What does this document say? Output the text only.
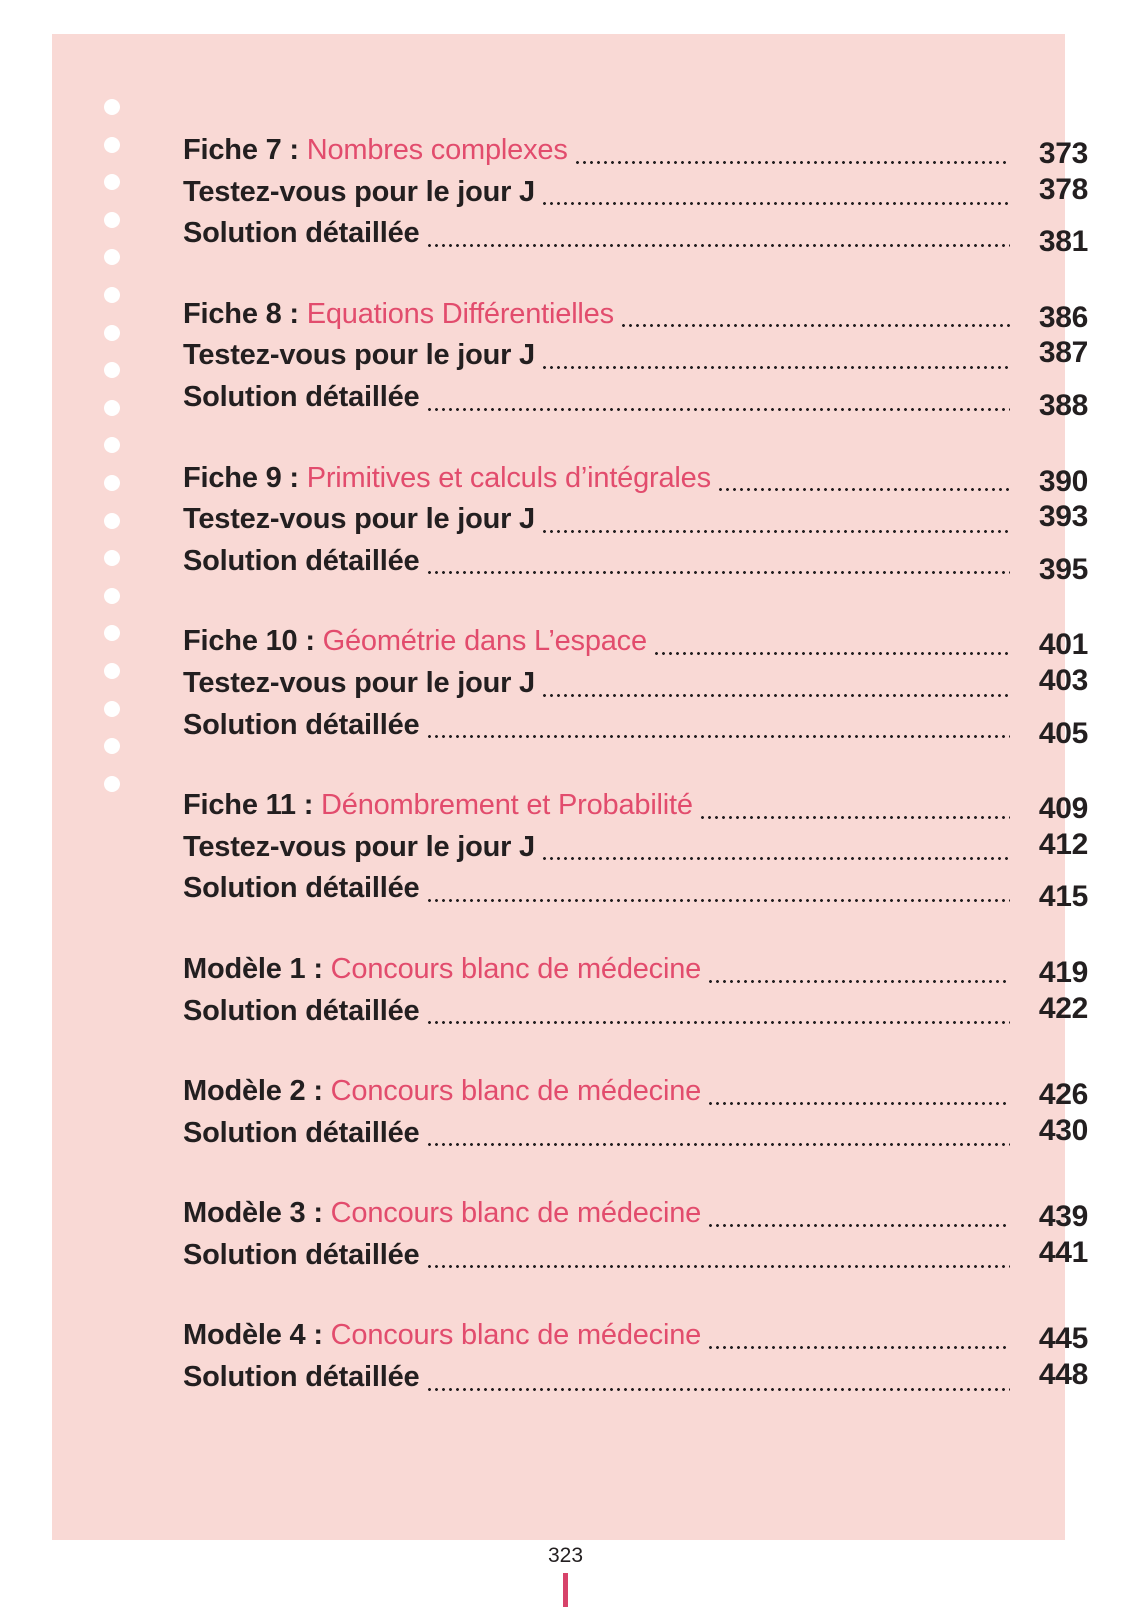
Fiche 7 : Nombres complexes	373
Testez-vous pour le jour J	378
Solution détaillée	381
Fiche 8 : Equations Différentielles	386
Testez-vous pour le jour J	387
Solution détaillée	388
Fiche 9 : Primitives et calculs d’intégrales	390
Testez-vous pour le jour J	393
Solution détaillée	395
Fiche 10 : Géométrie dans L’espace	401
Testez-vous pour le jour J	403
Solution détaillée	405
Fiche 11 : Dénombrement et Probabilité	409
Testez-vous pour le jour J	412
Solution détaillée	415
Modèle 1 : Concours blanc de médecine	419
Solution détaillée	422
Modèle 2 : Concours blanc de médecine	426
Solution détaillée	430
Modèle 3 : Concours blanc de médecine	439
Solution détaillée	441
Modèle 4 : Concours blanc de médecine	445
Solution détaillée	448
323
